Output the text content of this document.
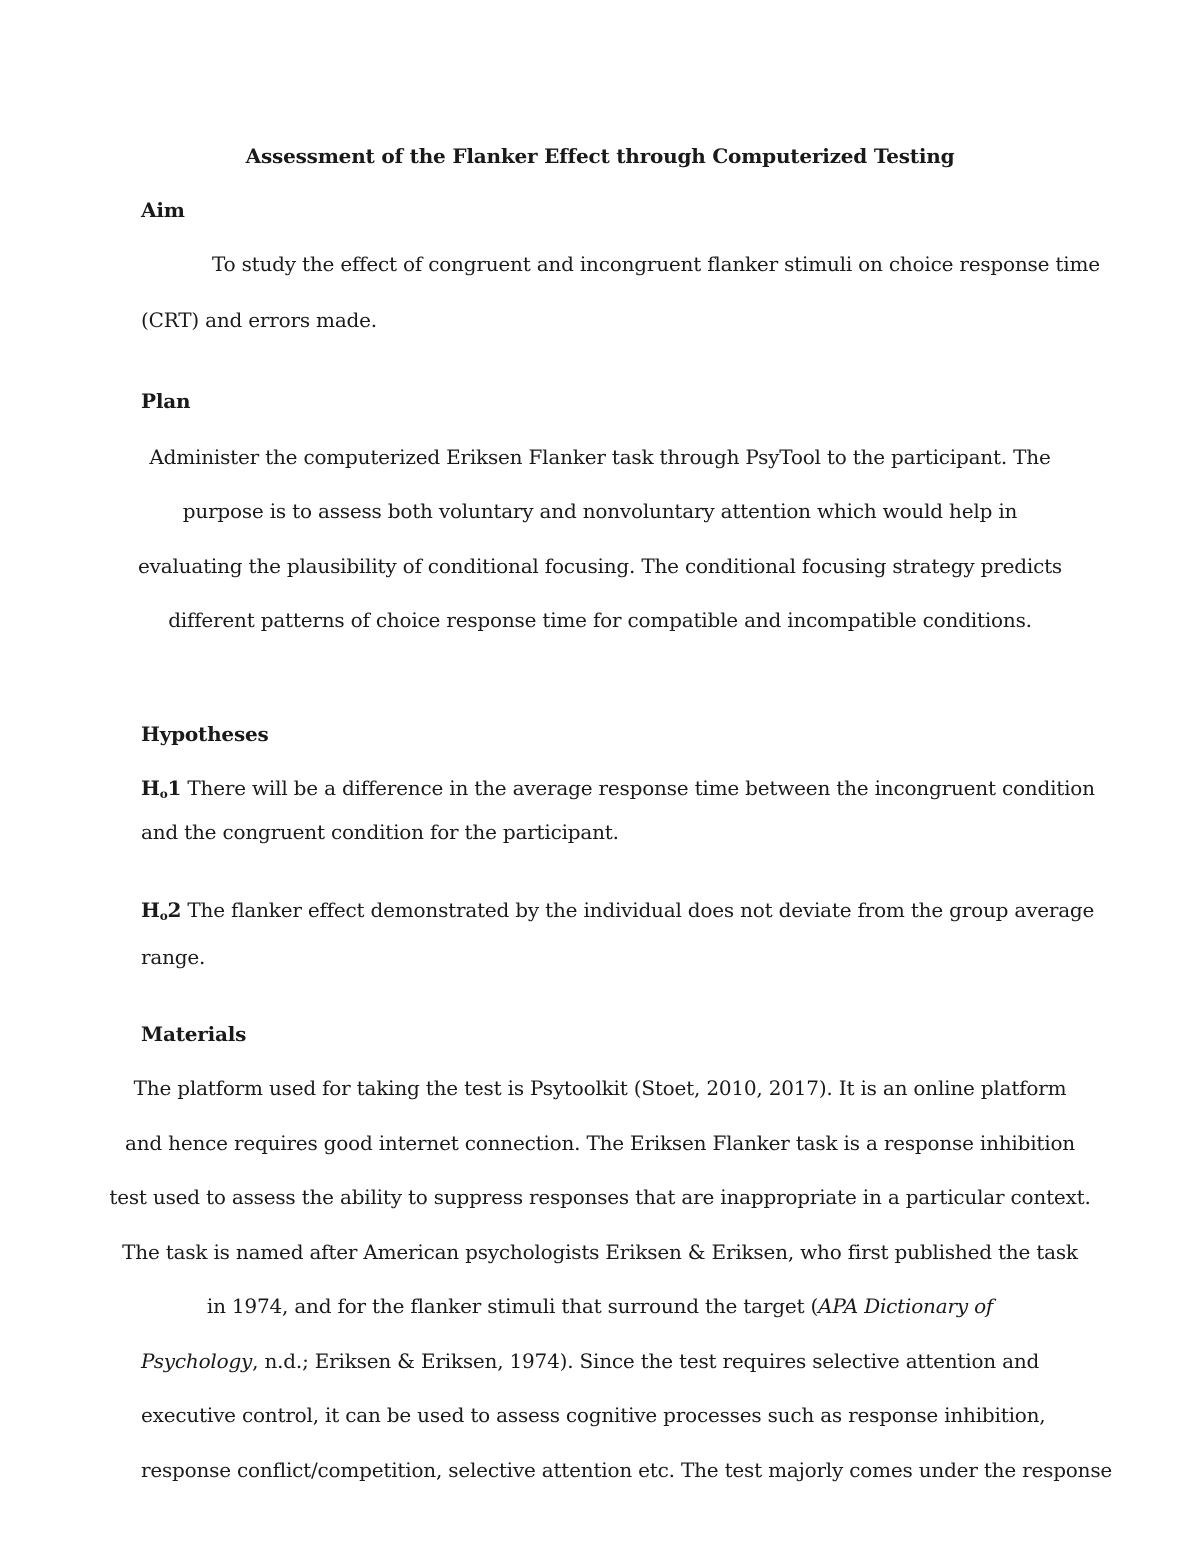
Assessment of the Flanker Effect through Computerized Testing
Aim
To study the effect of congruent and incongruent flanker stimuli on choice response time
(CRT) and errors made.
Plan
Administer the computerized Eriksen Flanker task through PsyTool to the participant. The
purpose is to assess both voluntary and nonvoluntary attention which would help in
evaluating the plausibility of conditional focusing. The conditional focusing strategy predicts
different patterns of choice response time for compatible and incompatible conditions.
Hypotheses
$H_o1$ There will be a difference in the average response time between the incongruent condition
and the congruent condition for the participant.
$H_o2$ The flanker effect demonstrated by the individual does not deviate from the group average
range.
Materials
The platform used for taking the test is Psytoolkit (Stoet, 2010, 2017). It is an online platform
and hence requires good internet connection. The Eriksen Flanker task is a response inhibition
test used to assess the ability to suppress responses that are inappropriate in a particular context.
The task is named after American psychologists Eriksen & Eriksen, who first published the task
in 1974, and for the flanker stimuli that surround the target (APA Dictionary of
Psychology, n.d.; Eriksen & Eriksen, 1974). Since the test requires selective attention and
executive control, it can be used to assess cognitive processes such as response inhibition,
response conflict/competition, selective attention etc. The test majorly comes under the response
